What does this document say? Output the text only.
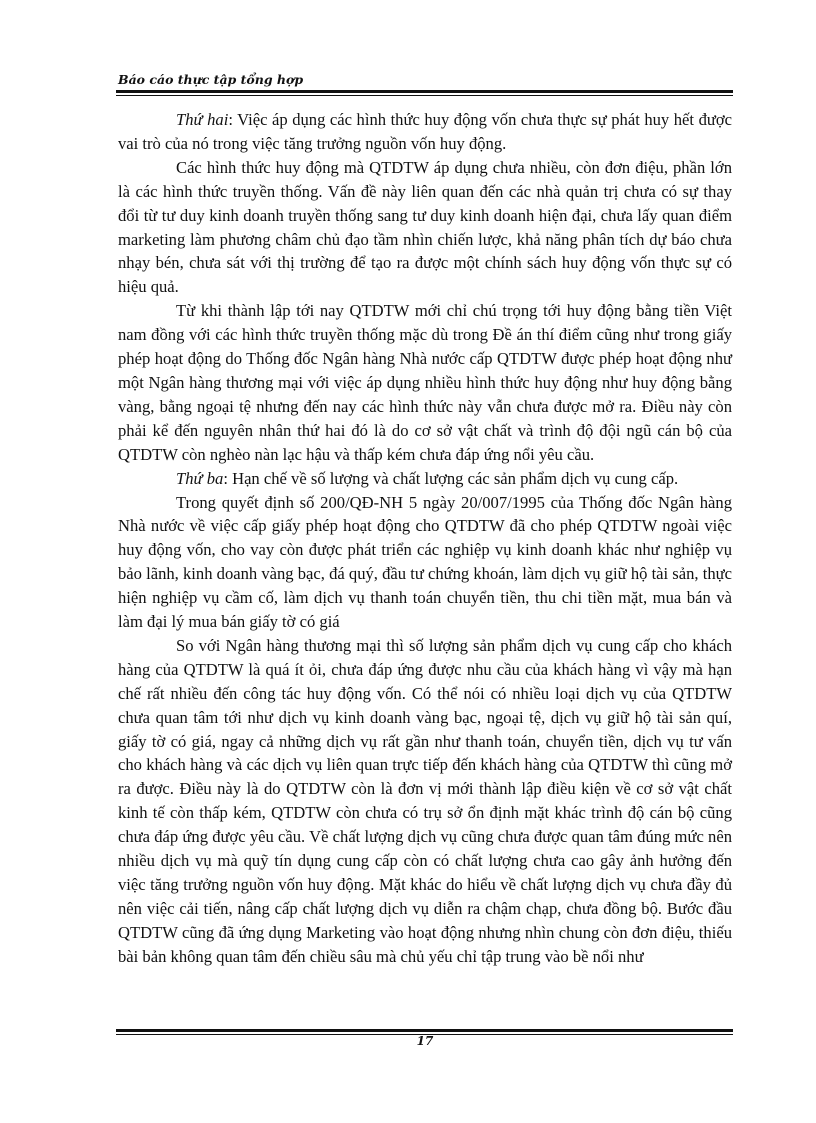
Báo cáo thực tập tổng hợp

Thứ hai: Việc áp dụng các hình thức huy động vốn chưa thực sự phát huy hết được vai trò của nó trong việc tăng trưởng nguồn vốn huy động.

Các hình thức huy động mà QTDTW áp dụng chưa nhiều, còn đơn điệu, phần lớn là các hình thức truyền thống. Vấn đề này liên quan đến các nhà quản trị chưa có sự thay đổi từ tư duy kinh doanh truyền thống sang tư duy kinh doanh hiện đại, chưa lấy quan điểm marketing làm phương châm chủ đạo tầm nhìn chiến lược, khả năng phân tích dự báo chưa nhạy bén, chưa sát với thị trường để tạo ra được một chính sách huy động vốn thực sự có hiệu quả.

Từ khi thành lập tới nay QTDTW mới chỉ chú trọng tới huy động bằng tiền Việt nam đồng với các hình thức truyền thống mặc dù trong Đề án thí điểm cũng như trong giấy phép hoạt động do Thống đốc Ngân hàng Nhà nước cấp QTDTW được phép hoạt động như một Ngân hàng thương mại với việc áp dụng nhiều hình thức huy động như huy động bằng vàng, bằng ngoại tệ nhưng đến nay các hình thức này vẫn chưa được mở ra. Điều này còn phải kể đến nguyên nhân thứ hai đó là do cơ sở vật chất và trình độ đội ngũ cán bộ của QTDTW còn nghèo nàn lạc hậu và thấp kém chưa đáp ứng nổi yêu cầu.

Thứ ba: Hạn chế về số lượng và chất lượng các sản phẩm dịch vụ cung cấp.

Trong quyết định số 200/QĐ-NH 5 ngày 20/007/1995 của Thống đốc Ngân hàng Nhà nước về việc cấp giấy phép hoạt động cho QTDTW đã cho phép QTDTW ngoài việc huy động vốn, cho vay còn được phát triển các nghiệp vụ kinh doanh khác như nghiệp vụ bảo lãnh, kinh doanh vàng bạc, đá quý, đầu tư chứng khoán, làm dịch vụ giữ hộ tài sản, thực hiện nghiệp vụ cầm cố, làm dịch vụ thanh toán chuyển tiền, thu chi tiền mặt, mua bán và làm đại lý mua bán giấy tờ có giá

So với Ngân hàng thương mại thì số lượng sản phẩm dịch vụ cung cấp cho khách hàng của QTDTW là quá ít ỏi, chưa đáp ứng được nhu cầu của khách hàng vì vậy mà hạn chế rất nhiều đến công tác huy động vốn. Có thể nói có nhiều loại dịch vụ của QTDTW chưa quan tâm tới như dịch vụ kinh doanh vàng bạc, ngoại tệ, dịch vụ giữ hộ tài sản quí, giấy tờ có giá, ngay cả những dịch vụ rất gần như thanh toán, chuyển tiền, dịch vụ tư vấn cho khách hàng và các dịch vụ liên quan trực tiếp đến khách hàng của QTDTW thì cũng mở ra được. Điều này là do QTDTW còn là đơn vị mới thành lập điều kiện về cơ sở vật chất kinh tế còn thấp kém, QTDTW còn chưa có trụ sở ổn định mặt khác trình độ cán bộ cũng chưa đáp ứng được yêu cầu. Về chất lượng dịch vụ cũng chưa được quan tâm đúng mức nên nhiều dịch vụ mà quỹ tín dụng cung cấp còn có chất lượng chưa cao gây ảnh hưởng đến việc tăng trưởng nguồn vốn huy động. Mặt khác do hiểu về chất lượng dịch vụ chưa đầy đủ nên việc cải tiến, nâng cấp chất lượng dịch vụ diễn ra chậm chạp, chưa đồng bộ. Bước đầu QTDTW cũng đã ứng dụng Marketing vào hoạt động nhưng nhìn chung còn đơn điệu, thiếu bài bản không quan tâm đến chiều sâu mà chủ yếu chỉ tập trung vào bề nổi như

17
